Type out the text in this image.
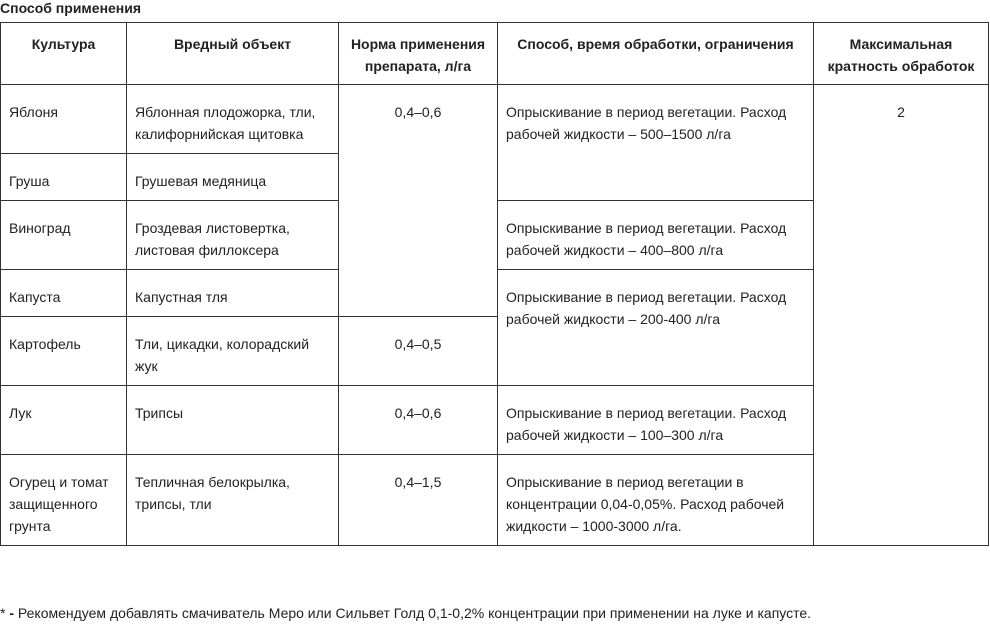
Способ применения
Культура	Вредный объект	Норма применения препарата, л/га	Способ, время обработки, ограничения	Максимальная кратность обработок
Яблоня	Яблонная плодожорка, тли, калифорнийская щитовка	0,4–0,6	Опрыскивание в период вегетации. Расход рабочей жидкости – 500–1500 л/га	2
Груша	Грушевая медяница			
Виноград	Гроздевая листовертка, листовая филлоксера		Опрыскивание в период вегетации. Расход рабочей жидкости – 400–800 л/га	
Капуста	Капустная тля		Опрыскивание в период вегетации. Расход рабочей жидкости – 200-400 л/га	
Картофель	Тли, цикадки, колорадский жук	0,4–0,5		
Лук	Трипсы	0,4–0,6	Опрыскивание в период вегетации. Расход рабочей жидкости – 100–300 л/га	
Огурец и томат защищенного грунта	Тепличная белокрылка, трипсы, тли	0,4–1,5	Опрыскивание в период вегетации в концентрации 0,04-0,05%. Расход рабочей жидкости – 1000-3000 л/га.	
* - Рекомендуем добавлять смачиватель Меро или Сильвет Голд 0,1-0,2% концентрации при применении на луке и капусте.
